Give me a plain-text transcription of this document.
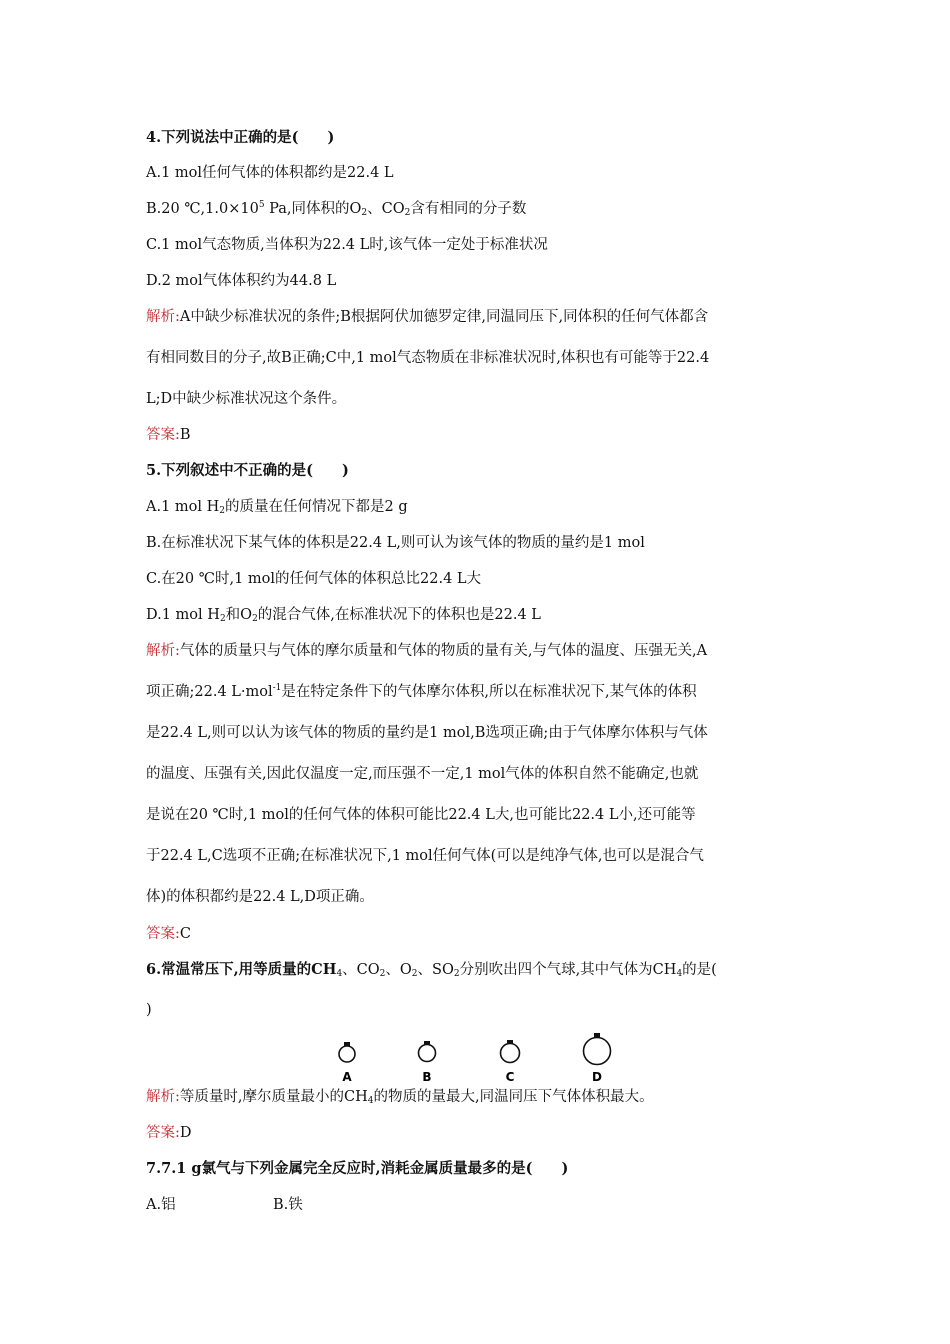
4.下列说法中正确的是(　　)

A.1 mol任何气体的体积都约是22.4 L

B.20 $℃,1.0\times 10^5$ Pa,同体积的$O_2$、$CO_2$含有相同的分子数

C.1 mol气态物质,当体积为22.4 L时,该气体一定处于标准状况

D.2 mol气体体积约为44.8 L

解析:A中缺少标准状况的条件;B根据阿伏加德罗定律,同温同压下,同体积的任何气体都含

有相同数目的分子,故B正确;C中,1 mol气态物质在非标准状况时,体积也有可能等于22.4

L;D中缺少标准状况这个条件。

答案:B

5.下列叙述中不正确的是(　　)

A.1 mol $H_2$的质量在任何情况下都是2 g

B.在标准状况下某气体的体积是22.4 L,则可认为该气体的物质的量约是1 mol

C.在20 ℃时,1 mol的任何气体的体积总比22.4 L大

D.1 mol $H_2$和$O_2$的混合气体,在标准状况下的体积也是22.4 L

解析:气体的质量只与气体的摩尔质量和气体的物质的量有关,与气体的温度、压强无关,A

项正确;22.4 L·mol$^{-1}$是在特定条件下的气体摩尔体积,所以在标准状况下,某气体的体积

是22.4 L,则可以认为该气体的物质的量约是1 mol,B选项正确;由于气体摩尔体积与气体

的温度、压强有关,因此仅温度一定,而压强不一定,1 mol气体的体积自然不能确定,也就

是说在20 ℃时,1 mol的任何气体的体积可能比22.4 L大,也可能比22.4 L小,还可能等

于22.4 L,C选项不正确;在标准状况下,1 mol任何气体(可以是纯净气体,也可以是混合气

体)的体积都约是22.4 L,D项正确。

答案:C

6.常温常压下,用等质量的$CH_4$、$CO_2$、$O_2$、$SO_2$分别吹出四个气球,其中气体为$CH_4$的是(

)

A	B	C	D

解析:等质量时,摩尔质量最小的$CH_4$的物质的量最大,同温同压下气体体积最大。

答案:D

7.7.1 g氯气与下列金属完全反应时,消耗金属质量最多的是(　　)

A.铝	B.铁
